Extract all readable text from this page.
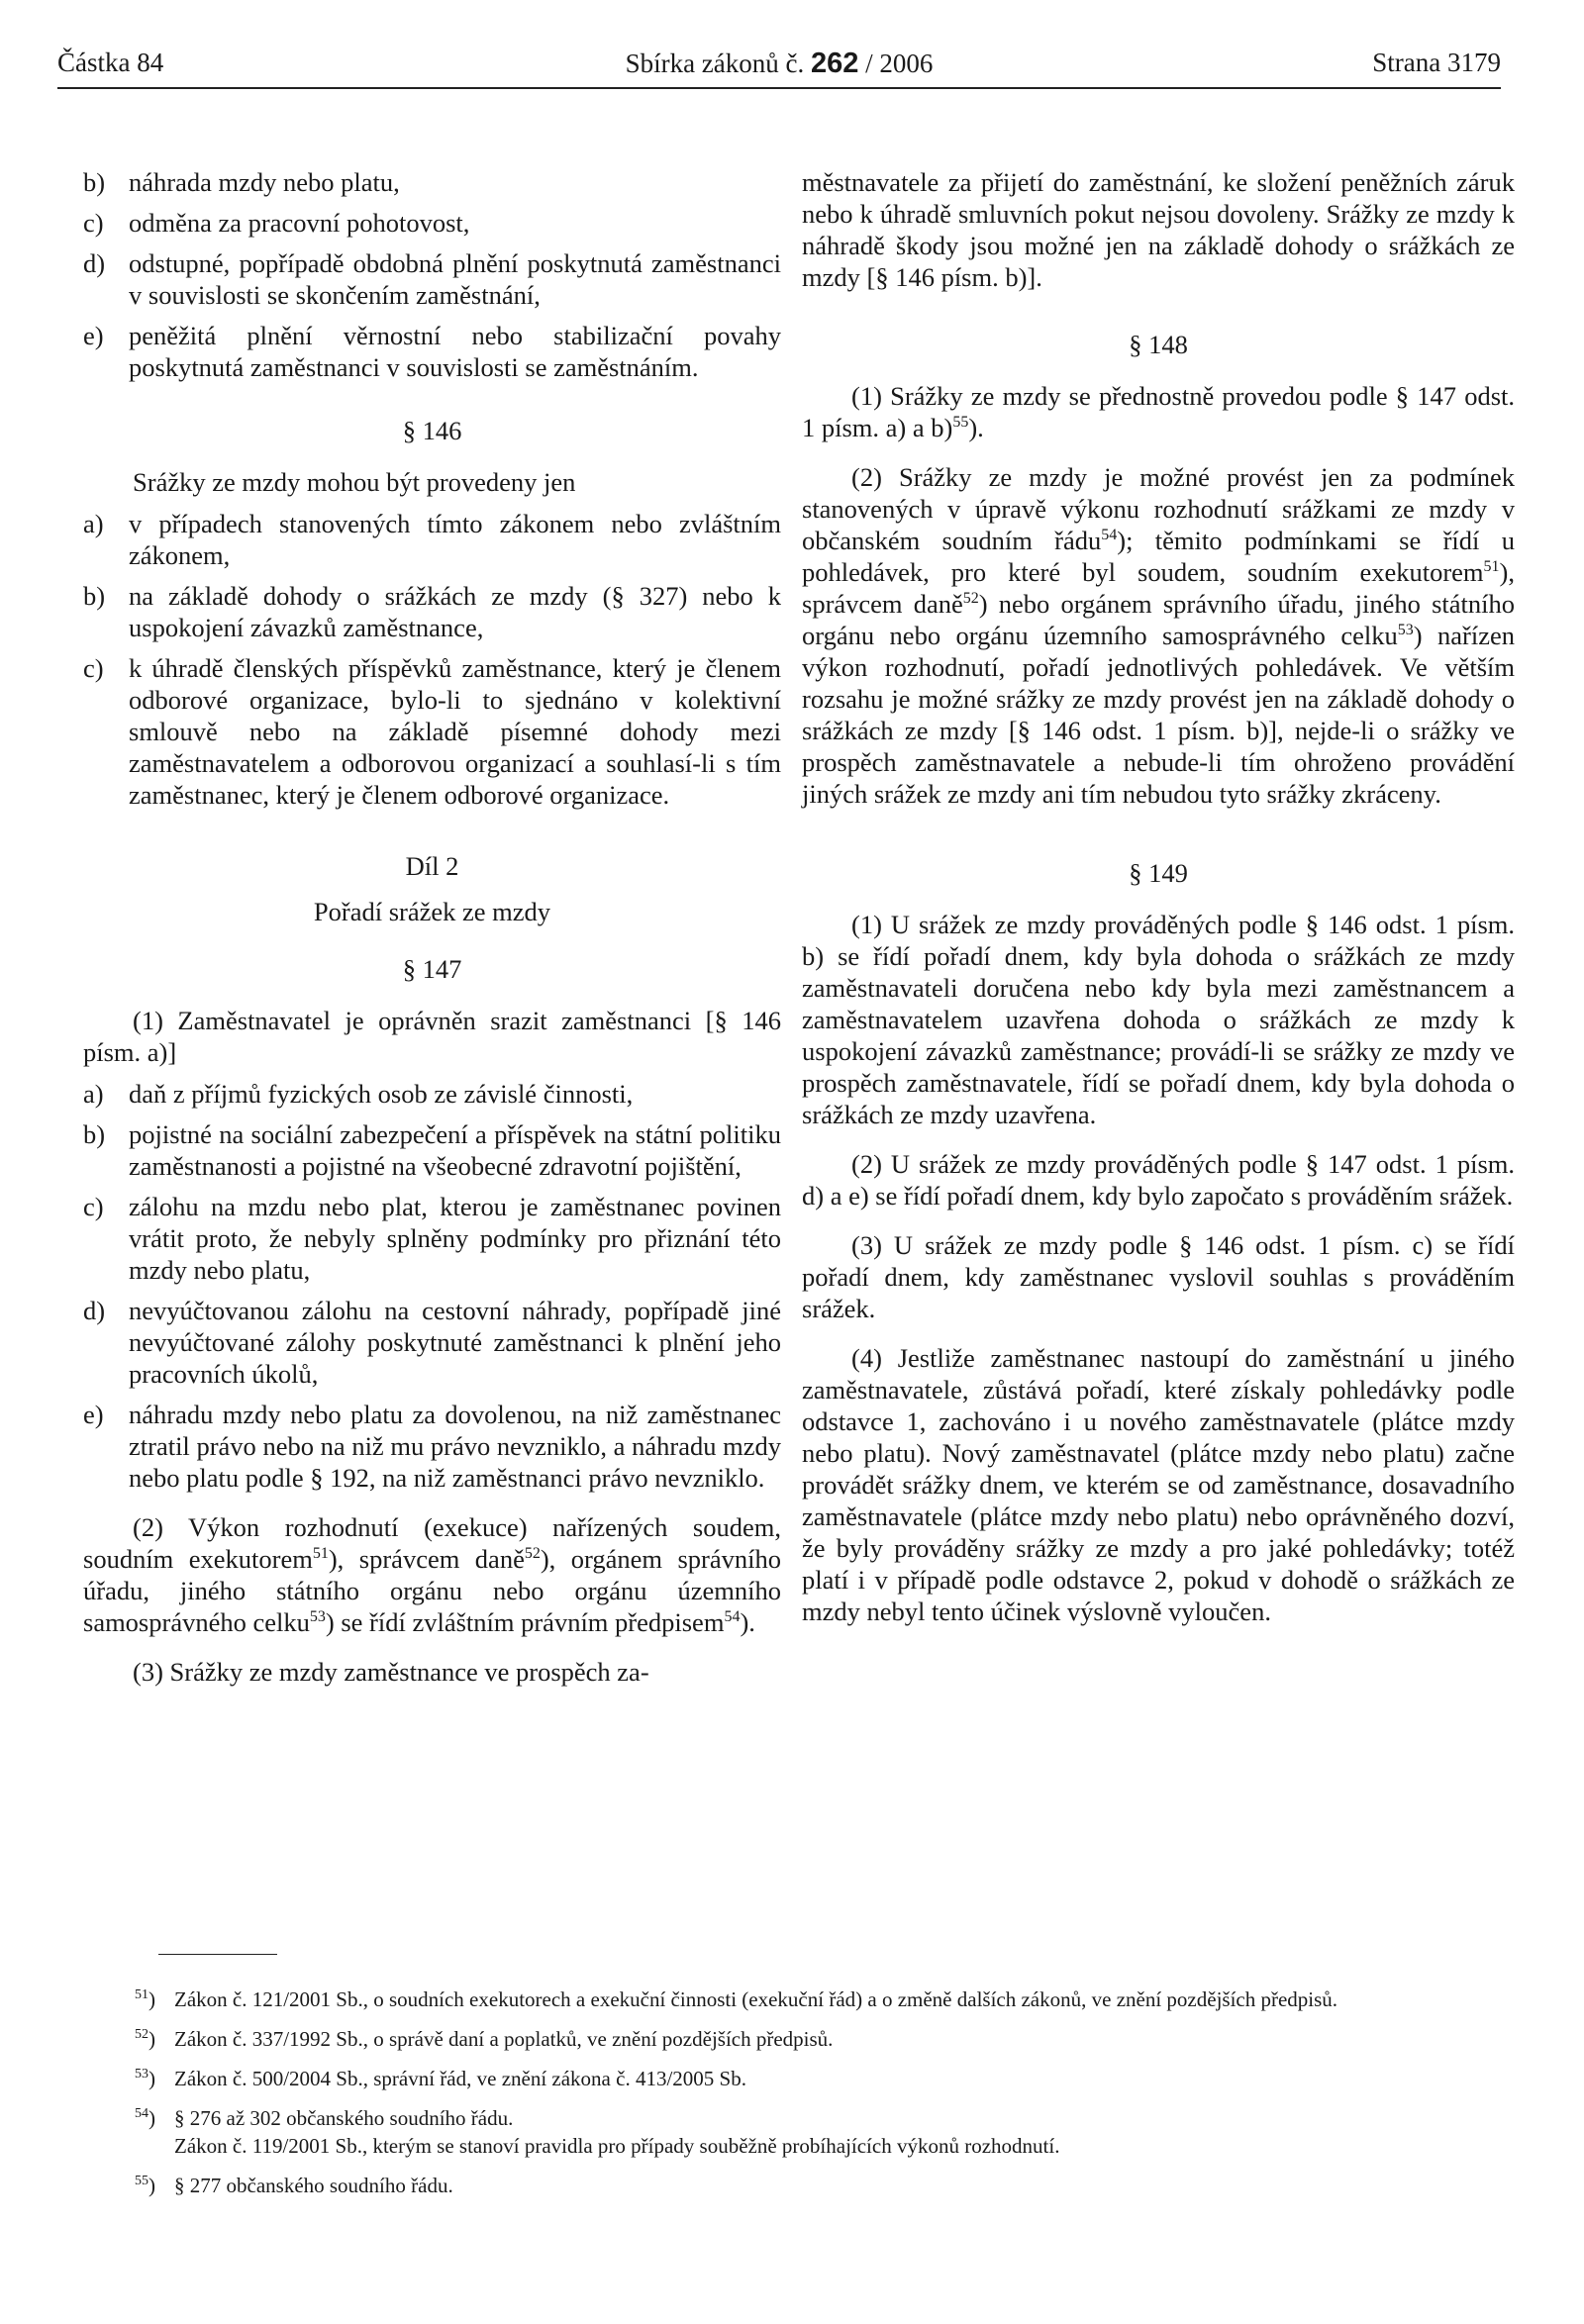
Částka 84	Sbírka zákonů č. 262 / 2006	Strana 3179
b) náhrada mzdy nebo platu,
c) odměna za pracovní pohotovost,
d) odstupné, popřípadě obdobná plnění poskytnutá zaměstnanci v souvislosti se skončením zaměstnání,
e) peněžitá plnění věrnostní nebo stabilizační povahy poskytnutá zaměstnanci v souvislosti se zaměstnáním.
§ 146
Srážky ze mzdy mohou být provedeny jen
a) v případech stanovených tímto zákonem nebo zvláštním zákonem,
b) na základě dohody o srážkách ze mzdy (§ 327) nebo k uspokojení závazků zaměstnance,
c) k úhradě členských příspěvků zaměstnance, který je členem odborové organizace, bylo-li to sjednáno v kolektivní smlouvě nebo na základě písemné dohody mezi zaměstnavatelem a odborovou organizací a souhlasí-li s tím zaměstnanec, který je členem odborové organizace.
Díl 2
Pořadí srážek ze mzdy
§ 147
(1) Zaměstnavatel je oprávněn srazit zaměstnanci [§ 146 písm. a)]
a) daň z příjmů fyzických osob ze závislé činnosti,
b) pojistné na sociální zabezpečení a příspěvek na státní politiku zaměstnanosti a pojistné na všeobecné zdravotní pojištění,
c) zálohu na mzdu nebo plat, kterou je zaměstnanec povinen vrátit proto, že nebyly splněny podmínky pro přiznání této mzdy nebo platu,
d) nevyúčtovanou zálohu na cestovní náhrady, popřípadě jiné nevyúčtované zálohy poskytnuté zaměstnanci k plnění jeho pracovních úkolů,
e) náhradu mzdy nebo platu za dovolenou, na niž zaměstnanec ztratil právo nebo na niž mu právo nevzniklo, a náhradu mzdy nebo platu podle § 192, na niž zaměstnanci právo nevzniklo.
(2) Výkon rozhodnutí (exekuce) nařízených soudem, soudním exekutorem$^{51}$), správcem daně$^{52}$), orgánem správního úřadu, jiného státního orgánu nebo orgánu územního samosprávného celku$^{53}$) se řídí zvláštním právním předpisem$^{54}$).
(3) Srážky ze mzdy zaměstnance ve prospěch za-
městnavatele za přijetí do zaměstnání, ke složení peněžních záruk nebo k úhradě smluvních pokut nejsou dovoleny. Srážky ze mzdy k náhradě škody jsou možné jen na základě dohody o srážkách ze mzdy [§ 146 písm. b)].
§ 148
(1) Srážky ze mzdy se přednostně provedou podle § 147 odst. 1 písm. a) a b)$^{55}$).
(2) Srážky ze mzdy je možné provést jen za podmínek stanovených v úpravě výkonu rozhodnutí srážkami ze mzdy v občanském soudním řádu$^{54}$); těmito podmínkami se řídí u pohledávek, pro které byl soudem, soudním exekutorem$^{51}$), správcem daně$^{52}$) nebo orgánem správního úřadu, jiného státního orgánu nebo orgánu územního samosprávného celku$^{53}$) nařízen výkon rozhodnutí, pořadí jednotlivých pohledávek. Ve větším rozsahu je možné srážky ze mzdy provést jen na základě dohody o srážkách ze mzdy [§ 146 odst. 1 písm. b)], nejde-li o srážky ve prospěch zaměstnavatele a nebude-li tím ohroženo provádění jiných srážek ze mzdy ani tím nebudou tyto srážky zkráceny.
§ 149
(1) U srážek ze mzdy prováděných podle § 146 odst. 1 písm. b) se řídí pořadí dnem, kdy byla dohoda o srážkách ze mzdy zaměstnavateli doručena nebo kdy byla mezi zaměstnancem a zaměstnavatelem uzavřena dohoda o srážkách ze mzdy k uspokojení závazků zaměstnance; provádí-li se srážky ze mzdy ve prospěch zaměstnavatele, řídí se pořadí dnem, kdy byla dohoda o srážkách ze mzdy uzavřena.
(2) U srážek ze mzdy prováděných podle § 147 odst. 1 písm. d) a e) se řídí pořadí dnem, kdy bylo započato s prováděním srážek.
(3) U srážek ze mzdy podle § 146 odst. 1 písm. c) se řídí pořadí dnem, kdy zaměstnanec vyslovil souhlas s prováděním srážek.
(4) Jestliže zaměstnanec nastoupí do zaměstnání u jiného zaměstnavatele, zůstává pořadí, které získaly pohledávky podle odstavce 1, zachováno i u nového zaměstnavatele (plátce mzdy nebo platu). Nový zaměstnavatel (plátce mzdy nebo platu) začne provádět srážky dnem, ve kterém se od zaměstnance, dosavadního zaměstnavatele (plátce mzdy nebo platu) nebo oprávněného dozví, že byly prováděny srážky ze mzdy a pro jaké pohledávky; totéž platí i v případě podle odstavce 2, pokud v dohodě o srážkách ze mzdy nebyl tento účinek výslovně vyloučen.
$^{51}$) Zákon č. 121/2001 Sb., o soudních exekutorech a exekuční činnosti (exekuční řád) a o změně dalších zákonů, ve znění pozdějších předpisů.
$^{52}$) Zákon č. 337/1992 Sb., o správě daní a poplatků, ve znění pozdějších předpisů.
$^{53}$) Zákon č. 500/2004 Sb., správní řád, ve znění zákona č. 413/2005 Sb.
$^{54}$) § 276 až 302 občanského soudního řádu.
Zákon č. 119/2001 Sb., kterým se stanoví pravidla pro případy souběžně probíhajících výkonů rozhodnutí.
$^{55}$) § 277 občanského soudního řádu.
